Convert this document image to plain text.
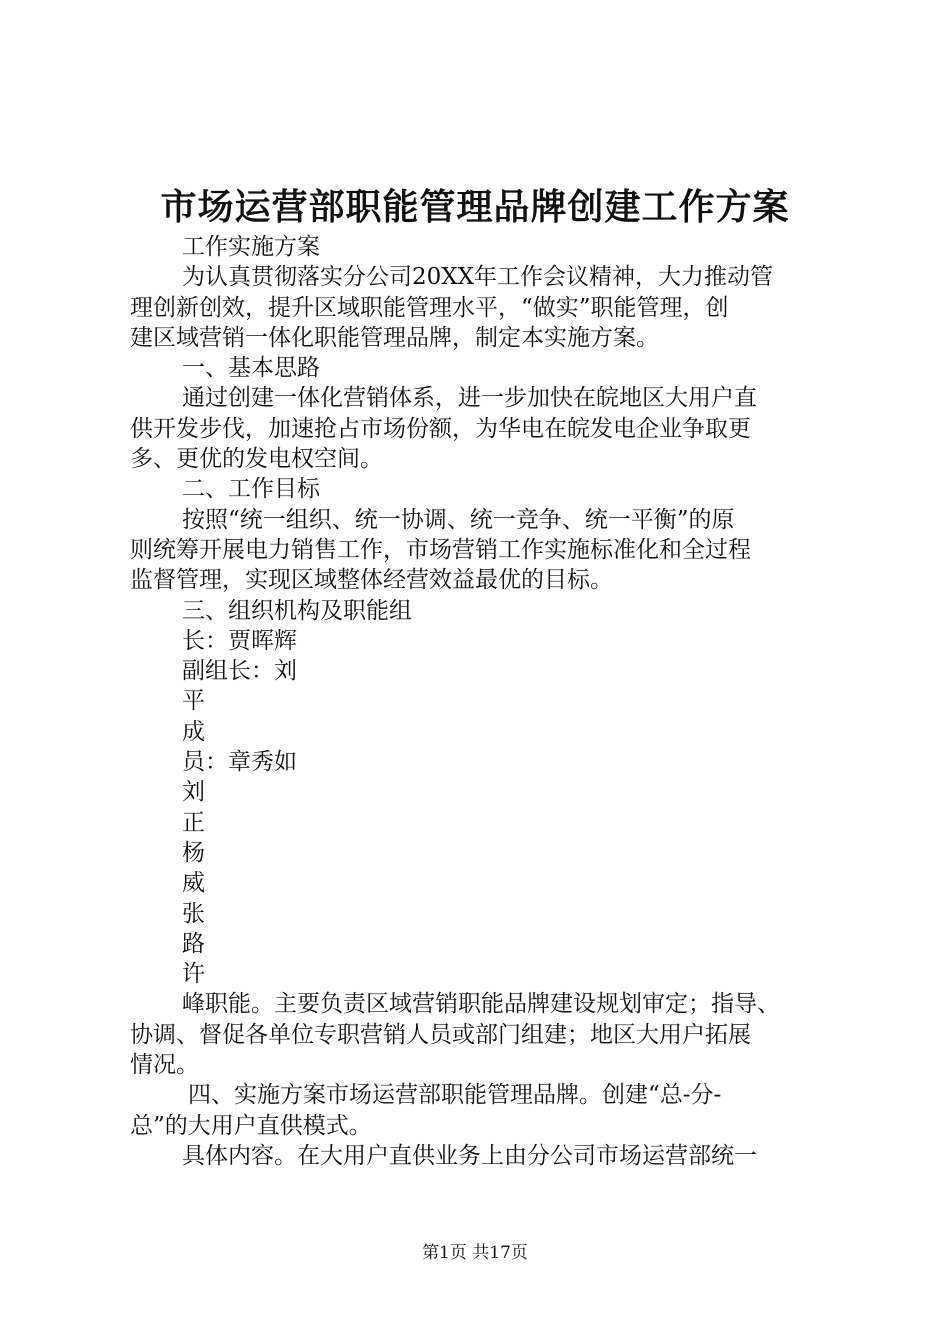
市场运营部职能管理品牌创建工作方案
工作实施方案
为认真贯彻落实分公司20XX年工作会议精神，大力推动管
理创新创效，提升区域职能管理水平，“做实”职能管理，创
建区域营销一体化职能管理品牌，制定本实施方案。
一、基本思路
通过创建一体化营销体系，进一步加快在皖地区大用户直
供开发步伐，加速抢占市场份额，为华电在皖发电企业争取更
多、更优的发电权空间。
二、工作目标
按照“统一组织、统一协调、统一竞争、统一平衡”的原
则统筹开展电力销售工作，市场营销工作实施标准化和全过程
监督管理，实现区域整体经营效益最优的目标。
三、组织机构及职能组
长：贾晖辉
副组长：刘
平
成
员：章秀如
刘
正
杨
威
张
路
许
峰职能。主要负责区域营销职能品牌建设规划审定；指导、
协调、督促各单位专职营销人员或部门组建；地区大用户拓展
情况。
四、实施方案市场运营部职能管理品牌。创建“总-分-
总”的大用户直供模式。
具体内容。在大用户直供业务上由分公司市场运营部统一
第1页 共17页
